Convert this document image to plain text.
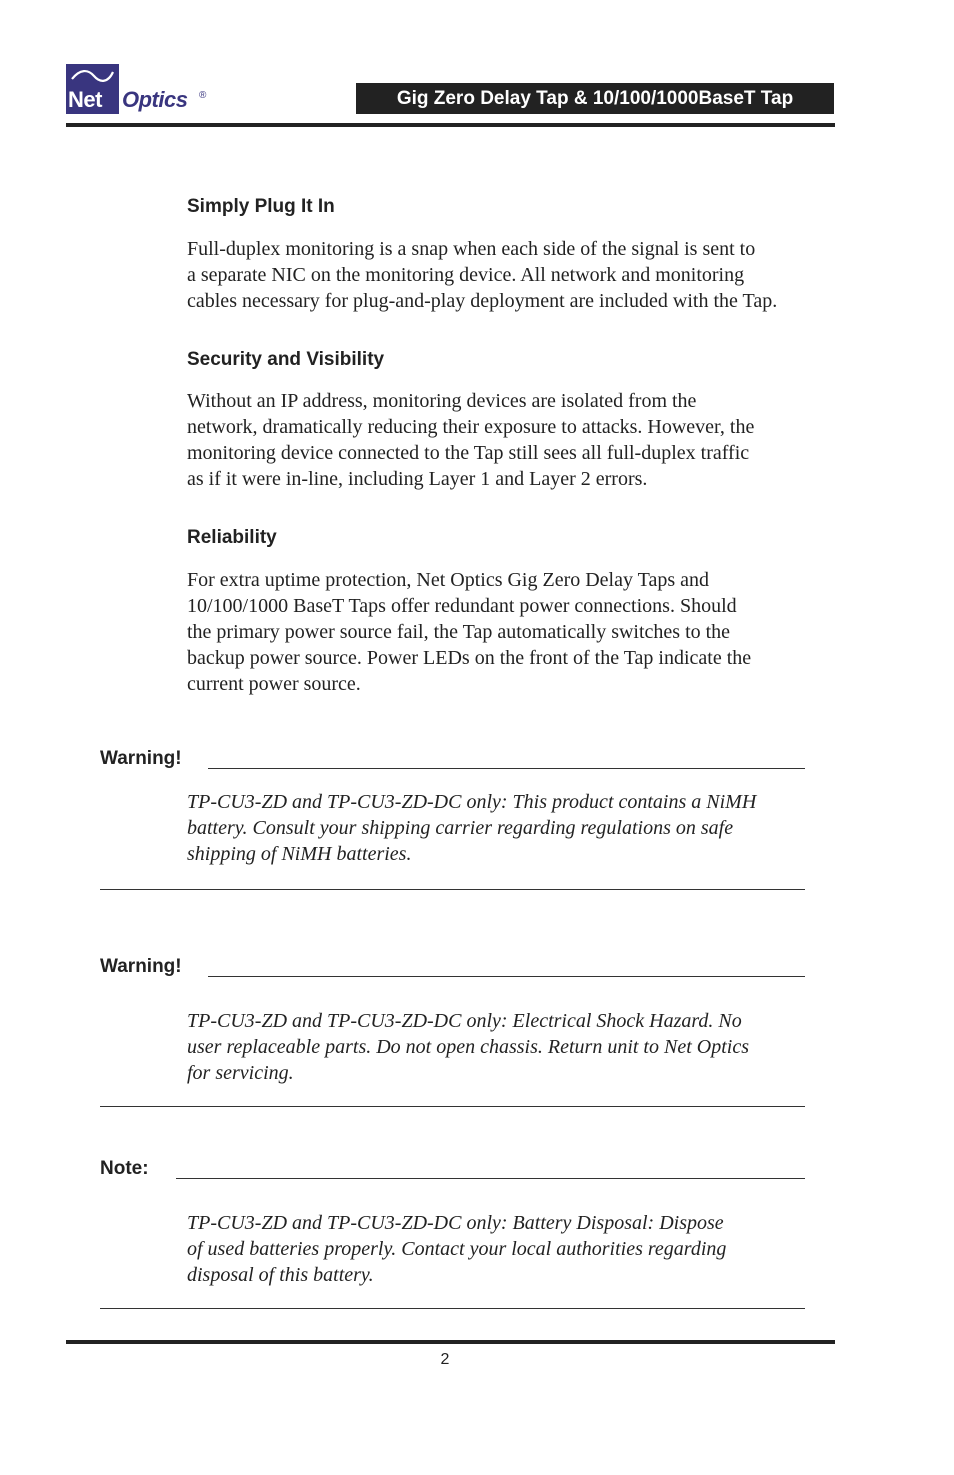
Net Optics ®	Gig Zero Delay Tap & 10/100/1000BaseT Tap
Simply Plug It In
Full-duplex monitoring is a snap when each side of the signal is sent to
a separate NIC on the monitoring device. All network and monitoring
cables necessary for plug-and-play deployment are included with the Tap.
Security and Visibility
Without an IP address, monitoring devices are isolated from the
network, dramatically reducing their exposure to attacks. However, the
monitoring device connected to the Tap still sees all full-duplex traffic
as if it were in-line, including Layer 1 and Layer 2 errors.
Reliability
For extra uptime protection, Net Optics Gig Zero Delay Taps and
10/100/1000 BaseT Taps offer redundant power connections. Should
the primary power source fail, the Tap automatically switches to the
backup power source. Power LEDs on the front of the Tap indicate the
current power source.
Warning!
TP-CU3-ZD and TP-CU3-ZD-DC only: This product contains a NiMH
battery. Consult your shipping carrier regarding regulations on safe
shipping of NiMH batteries.
Warning!
TP-CU3-ZD and TP-CU3-ZD-DC only: Electrical Shock Hazard. No
user replaceable parts. Do not open chassis. Return unit to Net Optics
for servicing.
Note:
TP-CU3-ZD and TP-CU3-ZD-DC only: Battery Disposal: Dispose
of used batteries properly. Contact your local authorities regarding
disposal of this battery.
2
